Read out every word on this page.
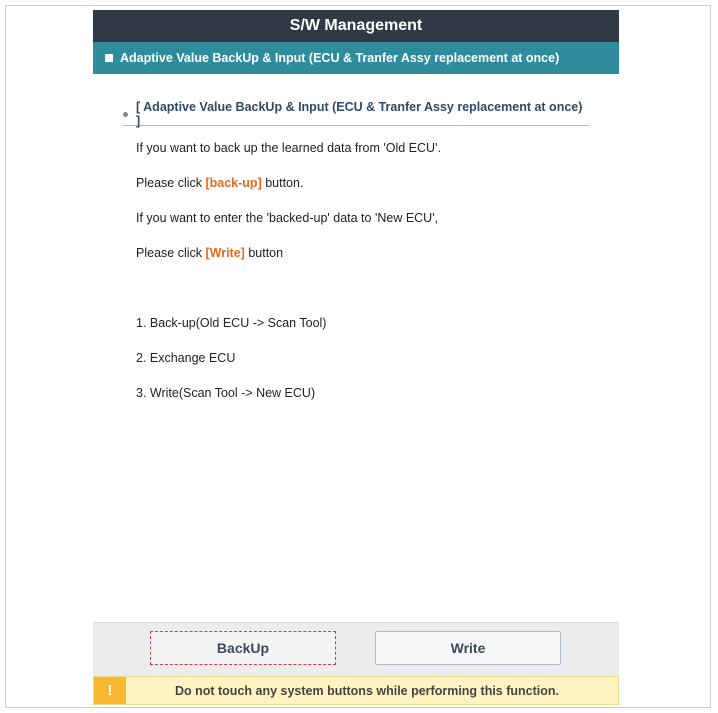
S/W Management
Adaptive Value BackUp & Input (ECU & Tranfer Assy replacement at once)
[ Adaptive Value BackUp & Input (ECU & Tranfer Assy replacement at once) ]
If you want to back up the learned data from 'Old ECU'.
Please click [back-up] button.
If you want to enter the 'backed-up' data to 'New ECU',
Please click [Write] button
1. Back-up(Old ECU -> Scan Tool)
2. Exchange ECU
3. Write(Scan Tool -> New ECU)
BackUp	Write
!	Do not touch any system buttons while performing this function.
